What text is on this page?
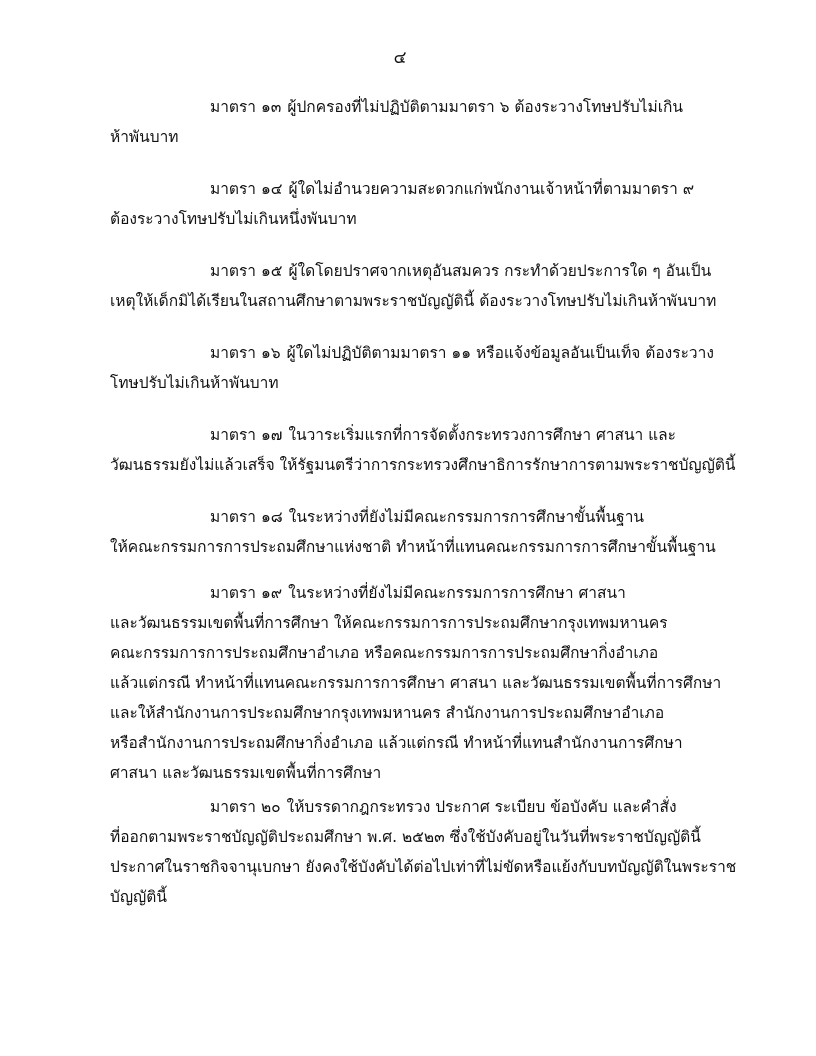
๔
มาตรา ๑๓ ผู้ปกครองที่ไม่ปฏิบัติตามมาตรา ๖ ต้องระวางโทษปรับไม่เกิน
ห้าพันบาท
มาตรา ๑๔ ผู้ใดไม่อำนวยความสะดวกแก่พนักงานเจ้าหน้าที่ตามมาตรา ๙
ต้องระวางโทษปรับไม่เกินหนึ่งพันบาท
มาตรา ๑๕ ผู้ใดโดยปราศจากเหตุอันสมควร กระทำด้วยประการใด ๆ อันเป็น
เหตุให้เด็กมิได้เรียนในสถานศึกษาตามพระราชบัญญัตินี้ ต้องระวางโทษปรับไม่เกินห้าพันบาท
มาตรา ๑๖ ผู้ใดไม่ปฏิบัติตามมาตรา ๑๑ หรือแจ้งข้อมูลอันเป็นเท็จ ต้องระวาง
โทษปรับไม่เกินห้าพันบาท
มาตรา ๑๗ ในวาระเริ่มแรกที่การจัดตั้งกระทรวงการศึกษา ศาสนา และ
วัฒนธรรมยังไม่แล้วเสร็จ ให้รัฐมนตรีว่าการกระทรวงศึกษาธิการรักษาการตามพระราชบัญญัตินี้
มาตรา ๑๘ ในระหว่างที่ยังไม่มีคณะกรรมการการศึกษาขั้นพื้นฐาน
ให้คณะกรรมการการประถมศึกษาแห่งชาติ ทำหน้าที่แทนคณะกรรมการการศึกษาขั้นพื้นฐาน
มาตรา ๑๙ ในระหว่างที่ยังไม่มีคณะกรรมการการศึกษา ศาสนา
และวัฒนธรรมเขตพื้นที่การศึกษา ให้คณะกรรมการการประถมศึกษากรุงเทพมหานคร
คณะกรรมการการประถมศึกษาอำเภอ หรือคณะกรรมการการประถมศึกษากิ่งอำเภอ
แล้วแต่กรณี ทำหน้าที่แทนคณะกรรมการการศึกษา ศาสนา และวัฒนธรรมเขตพื้นที่การศึกษา
และให้สำนักงานการประถมศึกษากรุงเทพมหานคร สำนักงานการประถมศึกษาอำเภอ
หรือสำนักงานการประถมศึกษากิ่งอำเภอ แล้วแต่กรณี ทำหน้าที่แทนสำนักงานการศึกษา
ศาสนา และวัฒนธรรมเขตพื้นที่การศึกษา
มาตรา ๒๐ ให้บรรดากฎกระทรวง ประกาศ ระเบียบ ข้อบังคับ และคำสั่ง
ที่ออกตามพระราชบัญญัติประถมศึกษา พ.ศ. ๒๕๒๓ ซึ่งใช้บังคับอยู่ในวันที่พระราชบัญญัตินี้
ประกาศในราชกิจจานุเบกษา ยังคงใช้บังคับได้ต่อไปเท่าที่ไม่ขัดหรือแย้งกับบทบัญญัติในพระราช
บัญญัตินี้
